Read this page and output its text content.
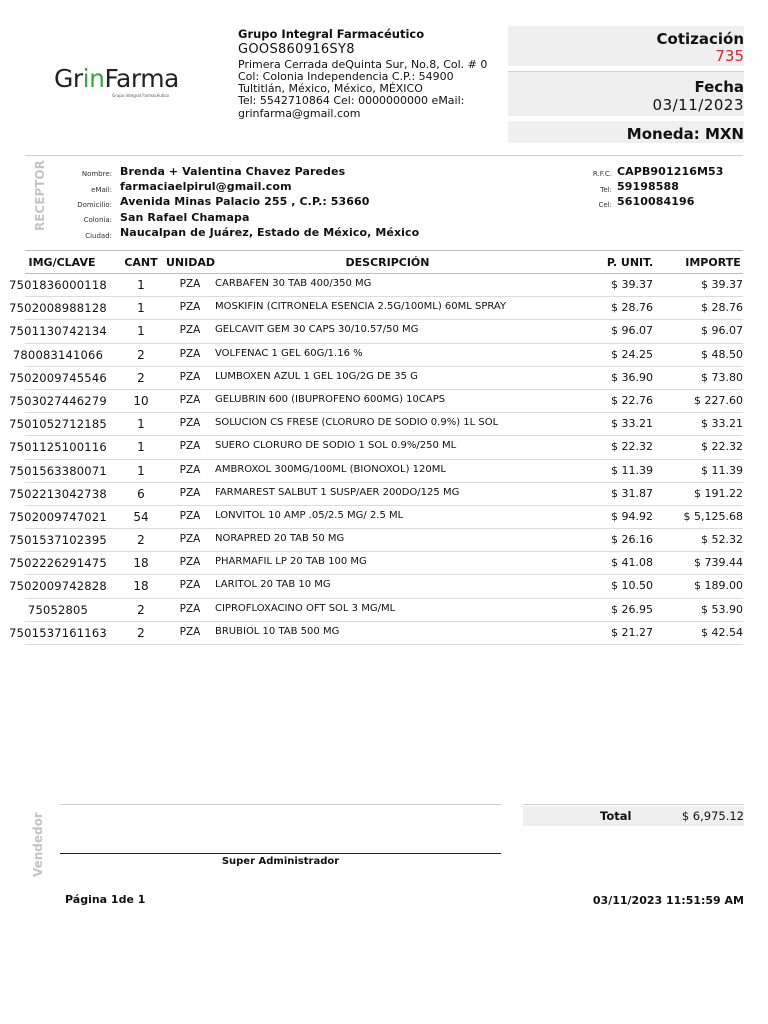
GrinFarma
Grupo Integral Farmacéutico
Grupo Integral Farmacéutico
GOOS860916SY8
Primera Cerrada deQuinta Sur, No.8, Col. # 0
Col: Colonia Independencia C.P.: 54900
Tultitlán, México, México, MÉXICO
Tel: 5542710864 Cel: 0000000000 eMail:
grinfarma@gmail.com
Cotización
735
Fecha
03/11/2023
Moneda: MXN
RECEPTOR	Nombre: Brenda + Valentina Chavez Paredes
eMail: farmaciaelpirul@gmail.com
Domicilio: Avenida Minas Palacio 255 , C.P.: 53660
Colonia: San Rafael Chamapa
Ciudad: Naucalpan de Juárez, Estado de México, México
R.F.C. CAPB901216M53
Tel: 59198588
Cel: 5610084196
IMG/CLAVE	CANT UNIDAD	DESCRIPCIÓN	P. UNIT.	IMPORTE
7501836000118	1	PZA	CARBAFEN 30 TAB 400/350 MG	$ 39.37	$ 39.37
7502008988128	1	PZA	MOSKIFIN (CITRONELA ESENCIA 2.5G/100ML) 60ML SPRAY	$ 28.76	$ 28.76
7501130742134	1	PZA	GELCAVIT GEM 30 CAPS 30/10.57/50 MG	$ 96.07	$ 96.07
780083141066	2	PZA	VOLFENAC 1 GEL 60G/1.16 %	$ 24.25	$ 48.50
7502009745546	2	PZA	LUMBOXEN AZUL 1 GEL 10G/2G DE 35 G	$ 36.90	$ 73.80
7503027446279	10	PZA	GELUBRIN 600 (IBUPROFENO 600MG) 10CAPS	$ 22.76	$ 227.60
7501052712185	1	PZA	SOLUCION CS FRESE (CLORURO DE SODIO 0.9%) 1L SOL	$ 33.21	$ 33.21
7501125100116	1	PZA	SUERO CLORURO DE SODIO 1 SOL 0.9%/250 ML	$ 22.32	$ 22.32
7501563380071	1	PZA	AMBROXOL 300MG/100ML (BIONOXOL) 120ML	$ 11.39	$ 11.39
7502213042738	6	PZA	FARMAREST SALBUT 1 SUSP/AER 200DO/125 MG	$ 31.87	$ 191.22
7502009747021	54	PZA	LONVITOL 10 AMP .05/2.5 MG/ 2.5 ML	$ 94.92	$ 5,125.68
7501537102395	2	PZA	NORAPRED 20 TAB 50 MG	$ 26.16	$ 52.32
7502226291475	18	PZA	PHARMAFIL LP 20 TAB 100 MG	$ 41.08	$ 739.44
7502009742828	18	PZA	LARITOL 20 TAB 10 MG	$ 10.50	$ 189.00
75052805	2	PZA	CIPROFLOXACINO OFT SOL 3 MG/ML	$ 26.95	$ 53.90
7501537161163	2	PZA	BRUBIOL 10 TAB 500 MG	$ 21.27	$ 42.54
Total	$ 6,975.12
Vendedor	Super Administrador
Página 1de 1	03/11/2023 11:51:59 AM
